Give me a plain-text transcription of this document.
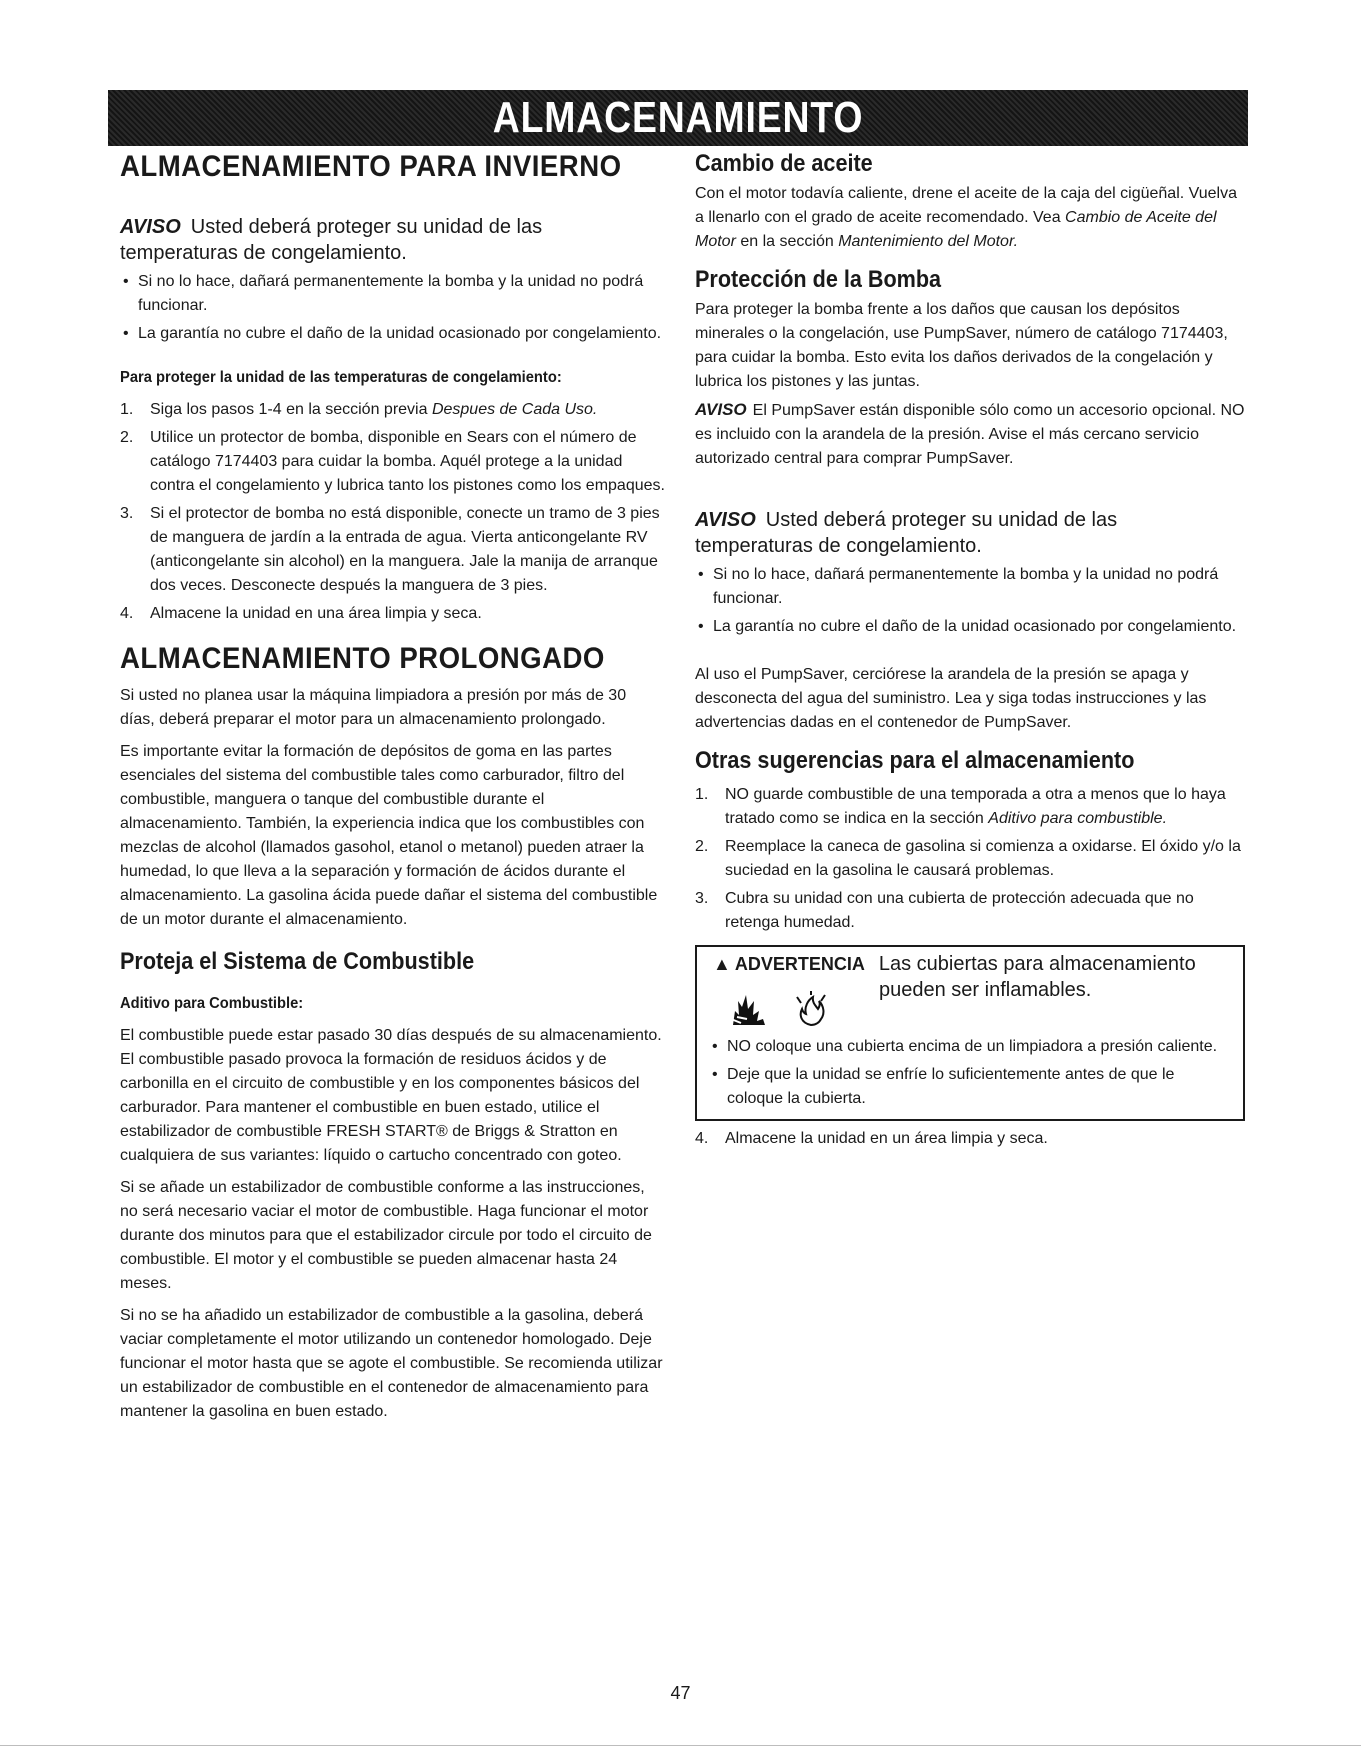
ALMACENAMIENTO
ALMACENAMIENTO PARA INVIERNO

AVISO Usted deberá proteger su unidad de las

temperaturas de congelamiento.

• Si no lo hace, dañará permanentemente la bomba y la unidad no podrá funcionar.
• La garantía no cubre el daño de la unidad ocasionado por congelamiento.

Para proteger la unidad de las temperaturas de congelamiento:

1. Siga los pasos 1-4 en la sección previa Despues de Cada Uso.
2. Utilice un protector de bomba, disponible en Sears con el número de catálogo 7174403 para cuidar la bomba. Aquél protege a la unidad contra el congelamiento y lubrica tanto los pistones como los empaques.
3. Si el protector de bomba no está disponible, conecte un tramo de 3 pies de manguera de jardín a la entrada de agua. Vierta anticongelante RV (anticongelante sin alcohol) en la manguera. Jale la manija de arranque dos veces. Desconecte después la manguera de 3 pies.
4. Almacene la unidad en una área limpia y seca.
ALMACENAMIENTO PROLONGADO

Si usted no planea usar la máquina limpiadora a presión por más de 30 días, deberá preparar el motor para un almacenamiento prolongado.

Es importante evitar la formación de depósitos de goma en las partes esenciales del sistema del combustible tales como carburador, filtro del combustible, manguera o tanque del combustible durante el almacenamiento. También, la experiencia indica que los combustibles con mezclas de alcohol (llamados gasohol, etanol o metanol) pueden atraer la humedad, lo que lleva a la separación y formación de ácidos durante el almacenamiento. La gasolina ácida puede dañar el sistema del combustible de un motor durante el almacenamiento.

Proteja el Sistema de Combustible

Aditivo para Combustible:

El combustible puede estar pasado 30 días después de su almacenamiento. El combustible pasado provoca la formación de residuos ácidos y de carbonilla en el circuito de combustible y en los componentes básicos del carburador. Para mantener el combustible en buen estado, utilice el estabilizador de combustible FRESH START® de Briggs & Stratton en cualquiera de sus variantes: líquido o cartucho concentrado con goteo.

Si se añade un estabilizador de combustible conforme a las instrucciones, no será necesario vaciar el motor de combustible. Haga funcionar el motor durante dos minutos para que el estabilizador circule por todo el circuito de combustible. El motor y el combustible se pueden almacenar hasta 24 meses.

Si no se ha añadido un estabilizador de combustible a la gasolina, deberá vaciar completamente el motor utilizando un contenedor homologado. Deje funcionar el motor hasta que se agote el combustible. Se recomienda utilizar un estabilizador de combustible en el contenedor de almacenamiento para mantener la gasolina en buen estado.

Cambio de aceite

Con el motor todavía caliente, drene el aceite de la caja del cigüeñal. Vuelva a llenarlo con el grado de aceite recomendado. Vea Cambio de Aceite del Motor en la sección Mantenimiento del Motor.

Protección de la Bomba

Para proteger la bomba frente a los daños que causan los depósitos minerales o la congelación, use PumpSaver, número de catálogo 7174403, para cuidar la bomba. Esto evita los daños derivados de la congelación y lubrica los pistones y las juntas.

AVISO El PumpSaver están disponible sólo como un accesorio opcional. NO es incluido con la arandela de la presión. Avise el más cercano servicio autorizado central para comprar PumpSaver.

AVISO Usted deberá proteger su unidad de las

temperaturas de congelamiento.

• Si no lo hace, dañará permanentemente la bomba y la unidad no podrá funcionar.
• La garantía no cubre el daño de la unidad ocasionado por congelamiento.

Al uso el PumpSaver, cerciórese la arandela de la presión se apaga y desconecta del agua del suministro. Lea y siga todas instrucciones y las advertencias dadas en el contenedor de PumpSaver.

Otras sugerencias para el almacenamiento
1. NO guarde combustible de una temporada a otra a menos que lo haya tratado como se indica en la sección Aditivo para combustible.
2. Reemplace la caneca de gasolina si comienza a oxidarse. El óxido y/o la suciedad en la gasolina le causará problemas.
3. Cubra su unidad con una cubierta de protección adecuada que no retenga humedad.
▲ ADVERTENCIA Las cubiertas para almacenamiento
pueden ser inflamables.
• NO coloque una cubierta encima de un limpiadora a presión caliente.
• Deje que la unidad se enfríe lo suficientemente antes de que le coloque la cubierta.
4. Almacene la unidad en un área limpia y seca.
47
